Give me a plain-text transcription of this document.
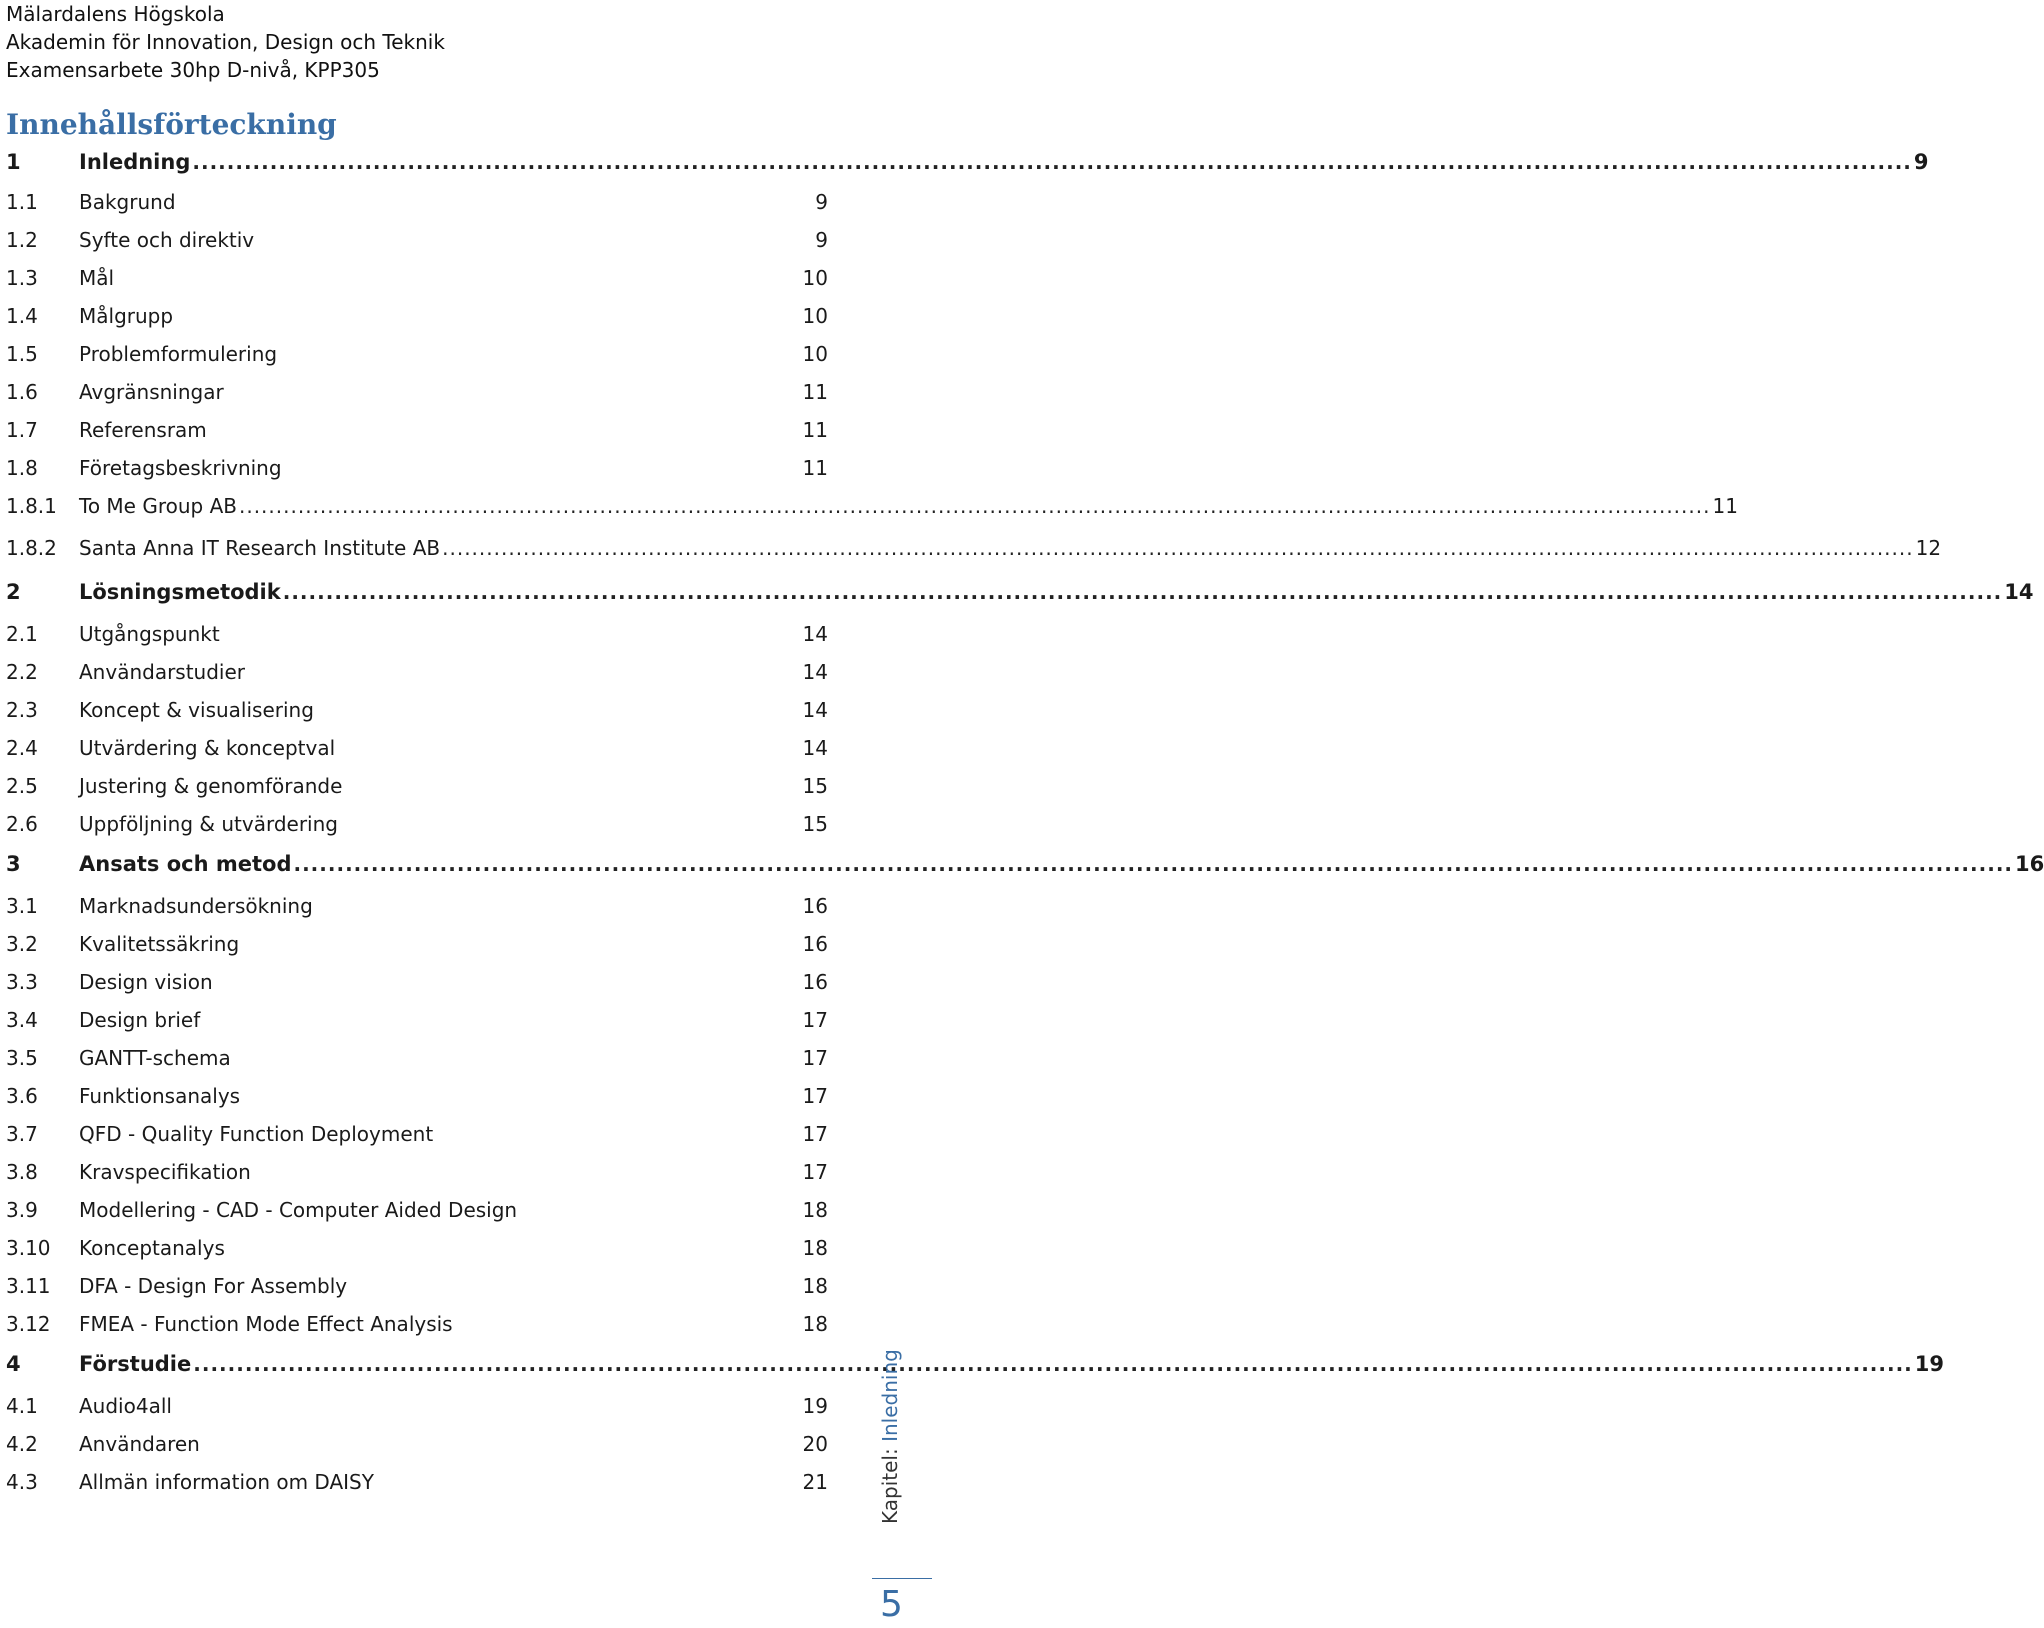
Mälardalens Högskola
Akademin för Innovation, Design och Teknik
Examensarbete 30hp D-nivå, KPP305
Innehållsförteckning
1	Inledning ........................................................................................................................................................................................................ 9
1.1 Bakgrund	9
1.2 Syfte och direktiv	9
1.3 Mål	10
1.4 Målgrupp	10
1.5 Problemformulering	10
1.6 Avgränsningar	11
1.7 Referensram	11
1.8 Företagsbeskrivning	11
1.8.1 To Me Group AB ........................................................................................................................................................................................................ 11
1.8.2 Santa Anna IT Research Institute AB ........................................................................................................................................................................................................ 12
2	Lösningsmetodik ........................................................................................................................................................................................................ 14
2.1 Utgångspunkt	14
2.2 Användarstudier	14
2.3 Koncept & visualisering	14
2.4 Utvärdering & konceptval	14
2.5 Justering & genomförande	15
2.6 Uppföljning & utvärdering	15
3	Ansats och metod ........................................................................................................................................................................................................ 16
3.1 Marknadsundersökning	16
3.2 Kvalitetssäkring	16
3.3 Design vision	16
3.4 Design brief	17
3.5 GANTT-schema	17
3.6 Funktionsanalys	17
3.7 QFD - Quality Function Deployment	17
3.8 Kravspecifikation	17
3.9 Modellering - CAD - Computer Aided Design	18
3.10 Konceptanalys	18
3.11 DFA - Design For Assembly	18
3.12 FMEA - Function Mode Effect Analysis	18
4	Förstudie ........................................................................................................................................................................................................ 19
4.1 Audio4all	19
4.2 Användaren	20
4.3 Allmän information om DAISY	21	Kapitel: Inledning
5
